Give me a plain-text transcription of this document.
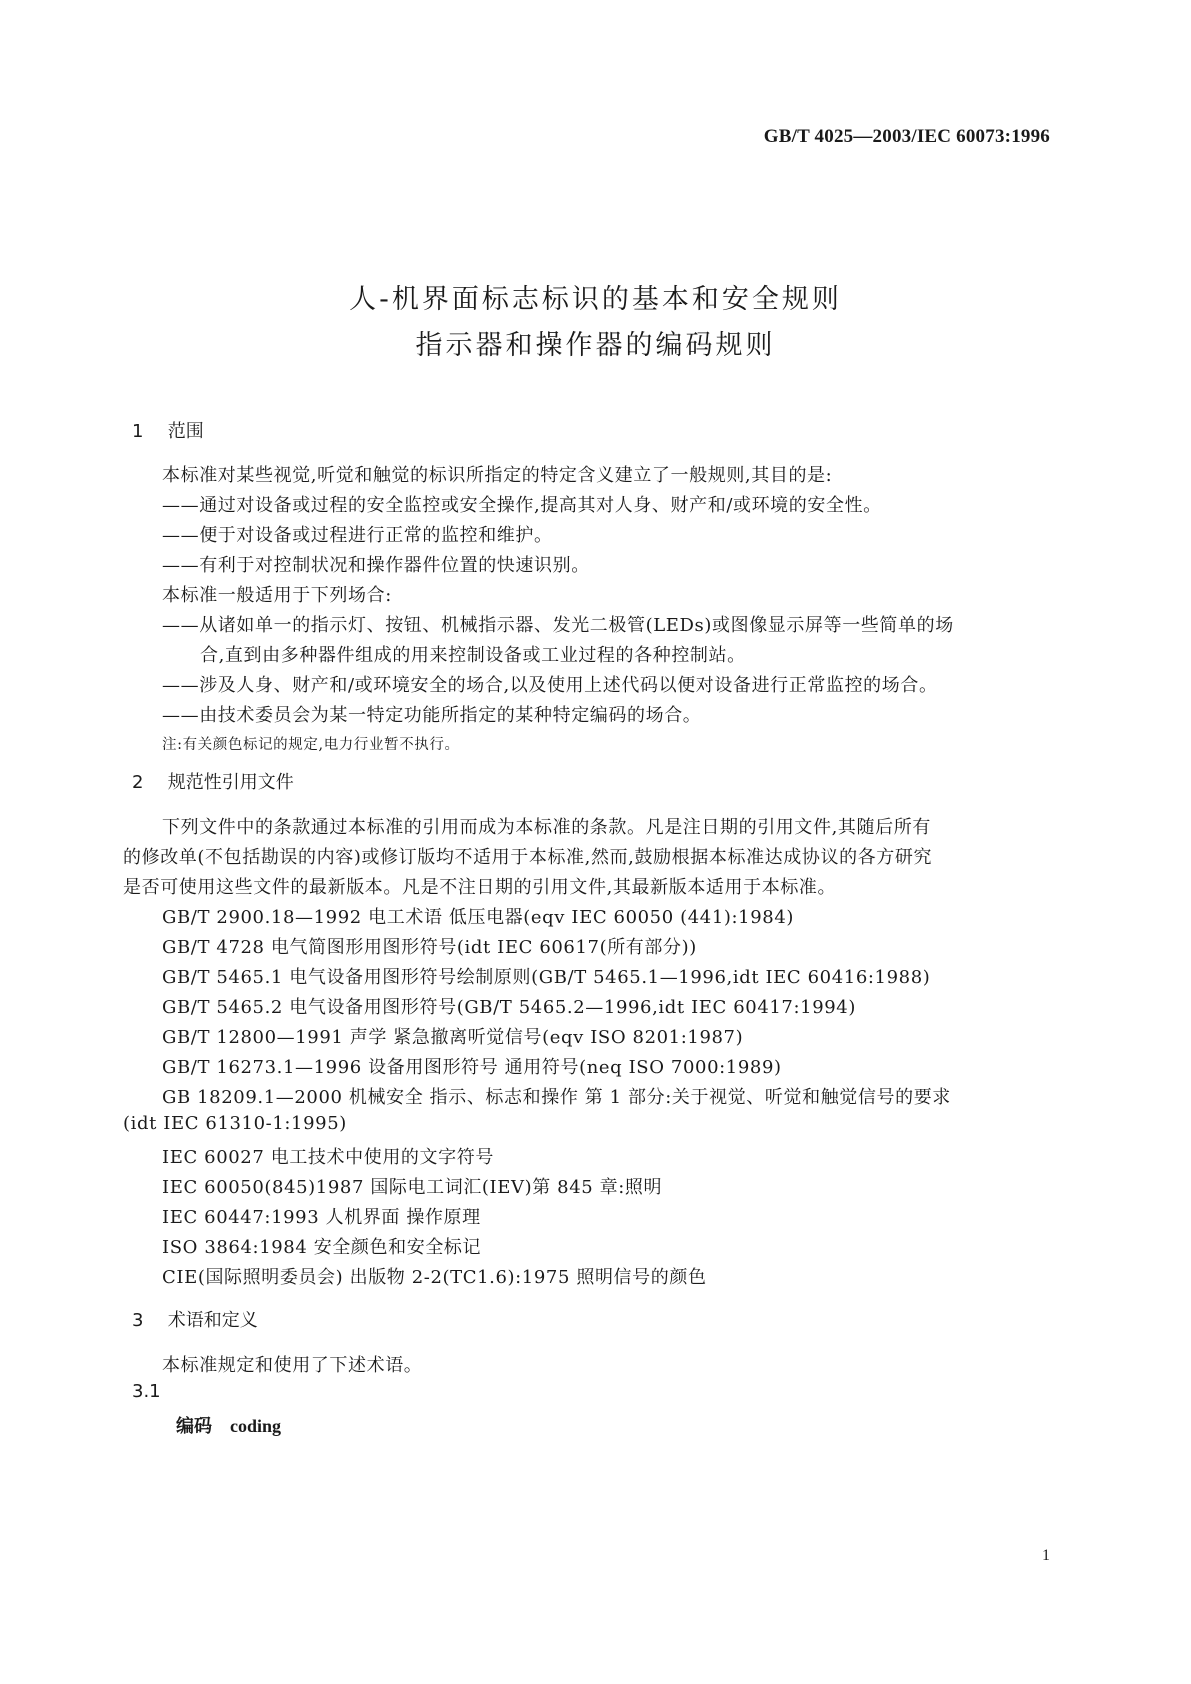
GB/T 4025—2003/IEC 60073:1996
人-机界面标志标识的基本和安全规则
指示器和操作器的编码规则
1 范围
本标准对某些视觉,听觉和触觉的标识所指定的特定含义建立了一般规则,其目的是:
——通过对设备或过程的安全监控或安全操作,提高其对人身、财产和/或环境的安全性。
——便于对设备或过程进行正常的监控和维护。
——有利于对控制状况和操作器件位置的快速识别。
本标准一般适用于下列场合:
——从诸如单一的指示灯、按钮、机械指示器、发光二极管(LEDs)或图像显示屏等一些简单的场
合,直到由多种器件组成的用来控制设备或工业过程的各种控制站。
——涉及人身、财产和/或环境安全的场合,以及使用上述代码以便对设备进行正常监控的场合。
——由技术委员会为某一特定功能所指定的某种特定编码的场合。
注:有关颜色标记的规定,电力行业暂不执行。
2 规范性引用文件
下列文件中的条款通过本标准的引用而成为本标准的条款。凡是注日期的引用文件,其随后所有
的修改单(不包括勘误的内容)或修订版均不适用于本标准,然而,鼓励根据本标准达成协议的各方研究
是否可使用这些文件的最新版本。凡是不注日期的引用文件,其最新版本适用于本标准。
GB/T 2900.18—1992 电工术语 低压电器(eqv IEC 60050 (441):1984)
GB/T 4728 电气简图形用图形符号(idt IEC 60617(所有部分))
GB/T 5465.1 电气设备用图形符号绘制原则(GB/T 5465.1—1996,idt IEC 60416:1988)
GB/T 5465.2 电气设备用图形符号(GB/T 5465.2—1996,idt IEC 60417:1994)
GB/T 12800—1991 声学 紧急撤离听觉信号(eqv ISO 8201:1987)
GB/T 16273.1—1996 设备用图形符号 通用符号(neq ISO 7000:1989)
GB 18209.1—2000 机械安全 指示、标志和操作 第 1 部分:关于视觉、听觉和触觉信号的要求
(idt IEC 61310-1:1995)
IEC 60027 电工技术中使用的文字符号
IEC 60050(845)1987 国际电工词汇(IEV)第 845 章:照明
IEC 60447:1993 人机界面 操作原理
ISO 3864:1984 安全颜色和安全标记
CIE(国际照明委员会) 出版物 2-2(TC1.6):1975 照明信号的颜色
3 术语和定义
本标准规定和使用了下述术语。
3.1
编码 coding
1
